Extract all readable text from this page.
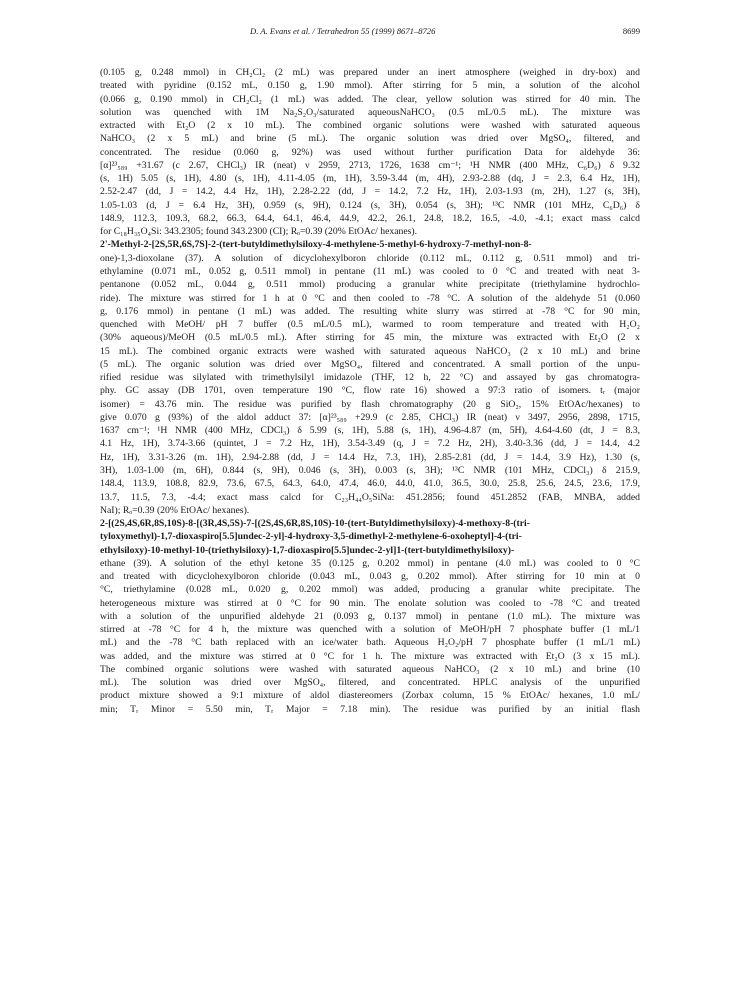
D. A. Evans et al. / Tetrahedron 55 (1999) 8671–8726	8699
(0.105 g, 0.248 mmol) in CH₂Cl₂ (2 mL) was prepared under an inert atmosphere (weighed in dry-box) and
treated with pyridine (0.152 mL, 0.150 g, 1.90 mmol). After stirring for 5 min, a solution of the alcohol
(0.066 g, 0.190 mmol) in CH₂Cl₂ (1 mL) was added. The clear, yellow solution was stirred for 40 min. The
solution was quenched with 1M Na₂S₂O₃/saturated aqueousNaHCO₃ (0.5 mL/0.5 mL). The mixture was
extracted with Et₂O (2 x 10 mL). The combined organic solutions were washed with saturated aqueous
NaHCO₃ (2 x 5 mL) and brine (5 mL). The organic solution was dried over MgSO₄, filtered, and
concentrated. The residue (0.060 g, 92%) was used without further purification Data for aldehyde 36:
[α]²³₅₈₉ +31.67 (c 2.67, CHCl₃) IR (neat) ν 2959, 2713, 1726, 1638 cm⁻¹; ¹H NMR (400 MHz, C₆D₆) δ 9.32
(s, 1H) 5.05 (s, 1H), 4.80 (s, 1H), 4.11-4.05 (m, 1H), 3.59-3.44 (m, 4H), 2.93-2.88 (dq, J = 2.3, 6.4 Hz, 1H),
2.52-2.47 (dd, J = 14.2, 4.4 Hz, 1H), 2.28-2.22 (dd, J = 14.2, 7.2 Hz, 1H), 2.03-1.93 (m, 2H), 1.27 (s, 3H),
1.05-1.03 (d, J = 6.4 Hz, 3H), 0.959 (s, 9H), 0.124 (s, 3H), 0.054 (s, 3H); ¹³C NMR (101 MHz, C₆D₆) δ
148.9, 112.3, 109.3, 68.2, 66.3, 64.4, 64.1, 46.4, 44.9, 42.2, 26.1, 24.8, 18.2, 16.5, -4.0, -4.1; exact mass calcd
for C₁₈H₃₅O₄Si: 343.2305; found 343.2300 (CI); Rₒ=0.39 (20% EtOAc/ hexanes).
2'-Methyl-2-[2S,5R,6S,7S]-2-(tert-butyldimethylsiloxy-4-methylene-5-methyl-6-hydroxy-7-methyl-non-8-
one)-1,3-dioxolane (37). A solution of dicyclohexylboron chloride (0.112 mL, 0.112 g, 0.511 mmol) and tri-
ethylamine (0.071 mL, 0.052 g, 0.511 mmol) in pentane (11 mL) was cooled to 0 °C and treated with neat 3-
pentanone (0.052 mL, 0.044 g, 0.511 mmol) producing a granular white precipitate (triethylamine hydrochlo-
ride). The mixture was stirred for 1 h at 0 °C and then cooled to -78 °C. A solution of the aldehyde 51 (0.060
g, 0.176 mmol) in pentane (1 mL) was added. The resulting white slurry was stirred at -78 °C for 90 min,
quenched with MeOH/ pH 7 buffer (0.5 mL/0.5 mL), warmed to room temperature and treated with H₂O₂
(30% aqueous)/MeOH (0.5 mL/0.5 mL). After stirring for 45 min, the mixture was extracted with Et₂O (2 x
15 mL). The combined organic extracts were washed with saturated aqueous NaHCO₃ (2 x 10 mL) and brine
(5 mL). The organic solution was dried over MgSO₄, filtered and concentrated. A small portion of the unpu-
rified residue was silylated with trimethylsilyl imidazole (THF, 12 h, 22 °C) and assayed by gas chromatogra-
phy. GC assay (DB 1701, oven temperature 190 °C, flow rate 16) showed a 97:3 ratio of isomers. tᵣ (major
isomer) = 43.76 min. The residue was purified by flash chromatography (20 g SiO₂, 15% EtOAc/hexanes) to
give 0.070 g (93%) of the aldol adduct 37: [α]²³₅₈₉ +29.9 (c 2.85, CHCl₃) IR (neat) ν 3497, 2956, 2898, 1715,
1637 cm⁻¹; ¹H NMR (400 MHz, CDCl₃) δ 5.99 (s, 1H), 5.88 (s, 1H), 4.96-4.87 (m, 5H), 4.64-4.60 (dt, J = 8.3,
4.1 Hz, 1H), 3.74-3.66 (quintet, J = 7.2 Hz, 1H), 3.54-3.49 (q, J = 7.2 Hz, 2H), 3.40-3.36 (dd, J = 14.4, 4.2
Hz, 1H), 3.31-3.26 (m. 1H), 2.94-2.88 (dd, J = 14.4 Hz, 7.3, 1H), 2.85-2.81 (dd, J = 14.4, 3.9 Hz), 1.30 (s,
3H), 1.03-1.00 (m, 6H), 0.844 (s, 9H), 0.046 (s, 3H), 0.003 (s, 3H); ¹³C NMR (101 MHz, CDCl₃) δ 215.9,
148.4, 113.9, 108.8, 82.9, 73.6, 67.5, 64.3, 64.0, 47.4, 46.0, 44.0, 41.0, 36.5, 30.0, 25.8, 25.6, 24.5, 23.6, 17.9,
13.7, 11.5, 7.3, -4.4; exact mass calcd for C₂₃H₄₄O₅SiNa: 451.2856; found 451.2852 (FAB, MNBA, added
NaI); Rₒ=0.39 (20% EtOAc/ hexanes).
2-[(2S,4S,6R,8S,10S)-8-[(3R,4S,5S)-7-[(2S,4S,6R,8S,10S)-10-(tert-Butyldimethylsiloxy)-4-methoxy-8-(tri-
tyloxymethyl)-1,7-dioxaspiro[5.5]undec-2-yl]-4-hydroxy-3,5-dimethyl-2-methylene-6-oxoheptyl]-4-(tri-
ethylsiloxy)-10-methyl-10-(triethylsiloxy)-1,7-dioxaspiro[5.5]undec-2-yl]1-(tert-butyldimethylsiloxy)-
ethane (39). A solution of the ethyl ketone 35 (0.125 g, 0.202 mmol) in pentane (4.0 mL) was cooled to 0 °C
and treated with dicyclohexylboron chloride (0.043 mL, 0.043 g, 0.202 mmol). After stirring for 10 min at 0
°C, triethylamine (0.028 mL, 0.020 g, 0.202 mmol) was added, producing a granular white precipitate. The
heterogeneous mixture was stirred at 0 °C for 90 min. The enolate solution was cooled to -78 °C and treated
with a solution of the unpurified aldehyde 21 (0.093 g, 0.137 mmol) in pentane (1.0 mL). The mixture was
stirred at -78 °C for 4 h, the mixture was quenched with a solution of MeOH/pH 7 phosphate buffer (1 mL/1
mL) and the -78 °C bath replaced with an ice/water bath. Aqueous H₂O₂/pH 7 phosphate buffer (1 mL/1 mL)
was added, and the mixture was stirred at 0 °C for 1 h. The mixture was extracted with Et₂O (3 x 15 mL).
The combined organic solutions were washed with saturated aqueous NaHCO₃ (2 x 10 mL) and brine (10
mL). The solution was dried over MgSO₄, filtered, and concentrated. HPLC analysis of the unpurified
product mixture showed a 9:1 mixture of aldol diastereomers (Zorbax column, 15 % EtOAc/ hexanes, 1.0 mL/
min; Tᵣ Minor = 5.50 min, Tᵣ Major = 7.18 min). The residue was purified by an initial flash
